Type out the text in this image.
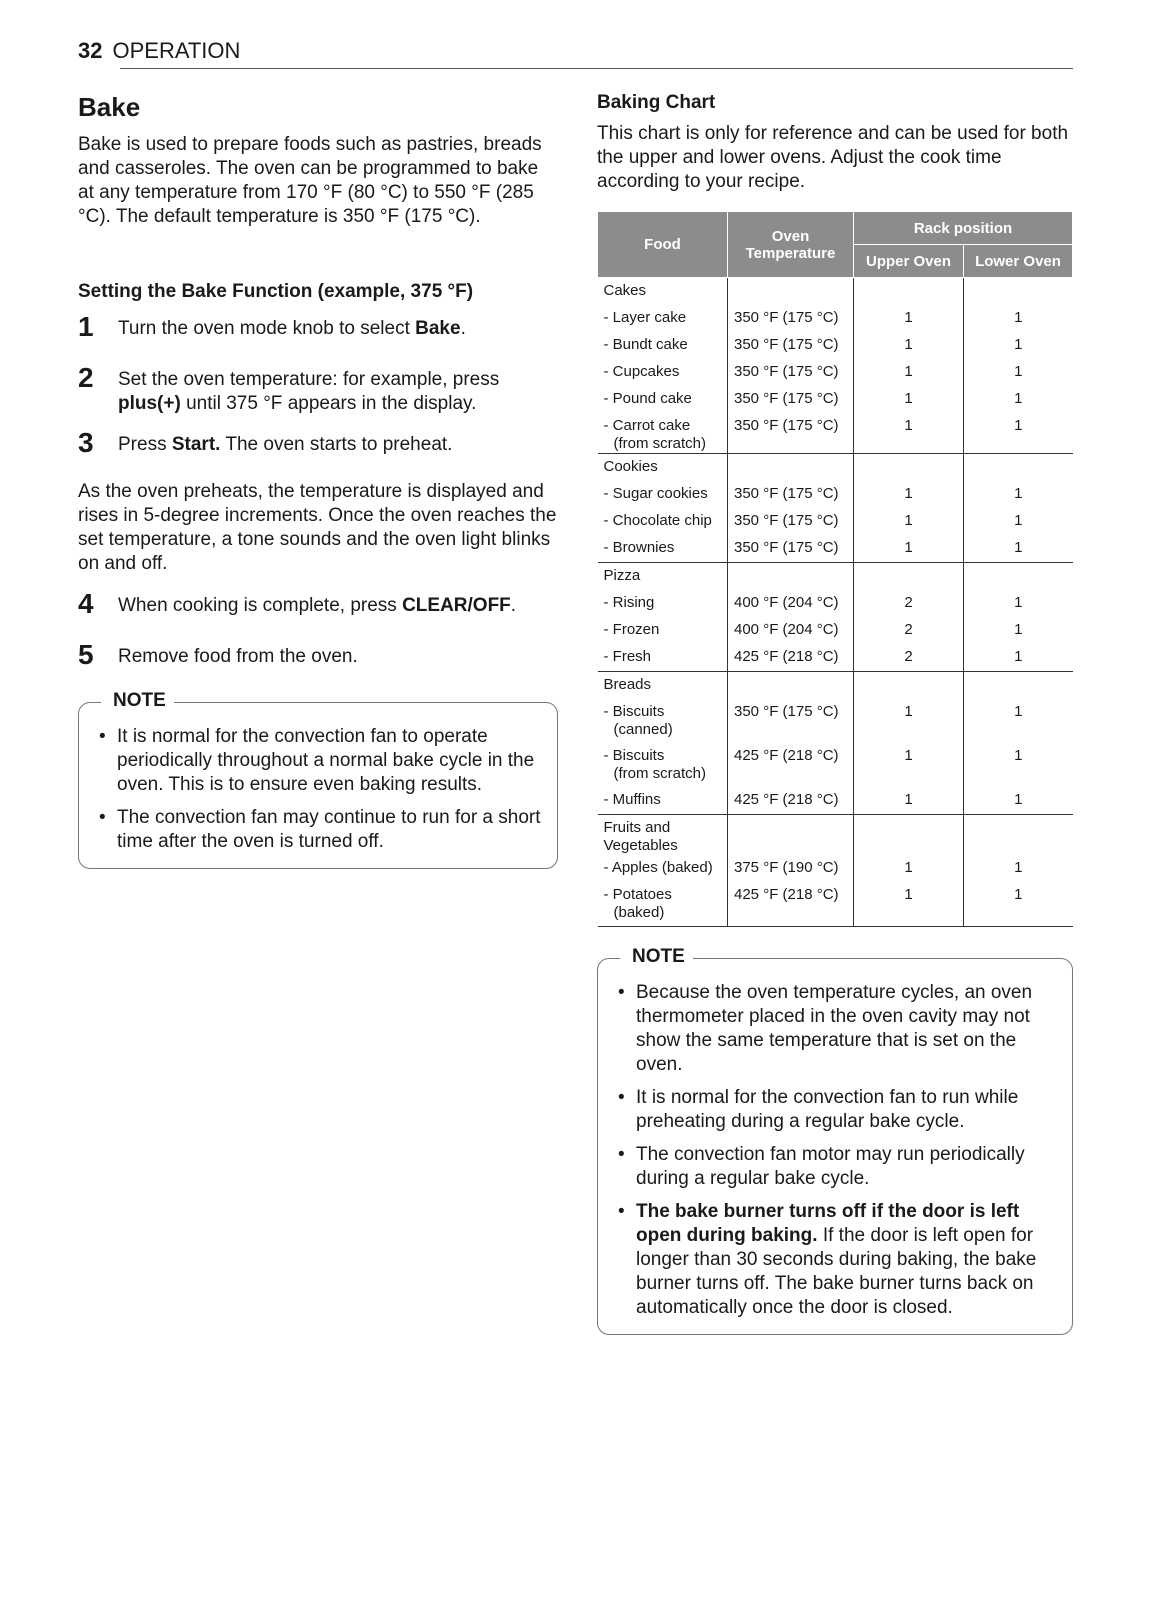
32 OPERATION
Bake

Bake is used to prepare foods such as pastries, breads and casseroles. The oven can be programmed to bake at any temperature from 170 °F (80 °C) to 550 °F (285 °C). The default temperature is 350 °F (175 °C).

Setting the Bake Function (example, 375 °F)
1 Turn the oven mode knob to select Bake.
2 Set the oven temperature: for example, press plus(+) until 375 °F appears in the display.
3 Press Start. The oven starts to preheat.

As the oven preheats, the temperature is displayed and rises in 5-degree increments. Once the oven reaches the set temperature, a tone sounds and the oven light blinks on and off.

4 When cooking is complete, press CLEAR/OFF.
5 Remove food from the oven.
NOTE
• It is normal for the convection fan to operate periodically throughout a normal bake cycle in the oven. This is to ensure even baking results.
• The convection fan may continue to run for a short time after the oven is turned off.
Baking Chart

This chart is only for reference and can be used for both the upper and lower ovens. Adjust the cook time according to your recipe.

Food	Oven Temperature	Rack position	
		Upper Oven	Lower Oven
Cakes			
- Layer cake	350 °F (175 °C)	1	1
- Bundt cake	350 °F (175 °C)	1	1
- Cupcakes	350 °F (175 °C)	1	1
- Pound cake	350 °F (175 °C)	1	1

- Carrot cake
(from scratch)	350 °F (175 °C)	1	1
Cookies			
- Sugar cookies	350 °F (175 °C)	1	1
- Chocolate chip	350 °F (175 °C)	1	1
- Brownies	350 °F (175 °C)	1	1
Pizza			
- Rising	400 °F (204 °C)	2	1
- Frozen	400 °F (204 °C)	2	1
- Fresh	425 °F (218 °C)	2	1
Breads			

- Biscuits
(canned)	350 °F (175 °C)	1	1

- Biscuits
(from scratch)	425 °F (218 °C)	1	1
- Muffins	425 °F (218 °C)	1	1

Fruits and
Vegetables			

- Apples (baked)	375 °F (190 °C)	1	1

- Potatoes
(baked)	425 °F (218 °C)	1	1
NOTE
• Because the oven temperature cycles, an oven thermometer placed in the oven cavity may not show the same temperature that is set on the oven.
• It is normal for the convection fan to run while preheating during a regular bake cycle.
• The convection fan motor may run periodically during a regular bake cycle.
• The bake burner turns off if the door is left open during baking. If the door is left open for longer than 30 seconds during baking, the bake burner turns off. The bake burner turns back on automatically once the door is closed.
